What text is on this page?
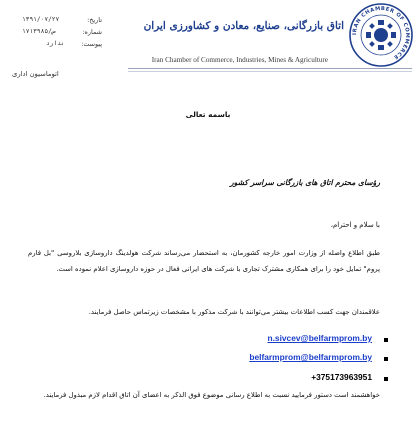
IRAN CHAMBER OF COMMERCE
اتاق بازرگانی، صنایع، معادن و کشاورزی ایران
Iran Chamber of Commerce, Industries, Mines & Agriculture
تاریخ:
۱۳۹۱/۰۷/۲۷
شماره:
۱۷۱۳۹۸۵/ص
پیوست:
ندارد
اتوماسیون اداری
باسمه تعالی
رؤسای محترم اتاق های بازرگانی سراسر کشور
با سلام و احترام،
طبق اطلاع واصله از وزارت امور خارجه کشورمان، به استحضار می‌رساند شرکت هولدینگ داروسازی بلاروسی "بل فارم پروم" تمایل خود را برای همکاری مشترک تجاری با شرکت های ایرانی فعال در حوزه داروسازی اعلام نموده است.
علاقمندان جهت کسب اطلاعات بیشتر می‌توانند با شرکت مذکور با مشخصات زیرتماس حاصل فرمایند.
n.sivcev@belfarmprom.by
belfarmprom@belfarmprom.by
+375173963951
خواهشمند است دستور فرمایید نسبت به اطلاع رسانی موضوع فوق الذکر به اعضای آن اتاق اقدام لازم مبذول فرمایند.
